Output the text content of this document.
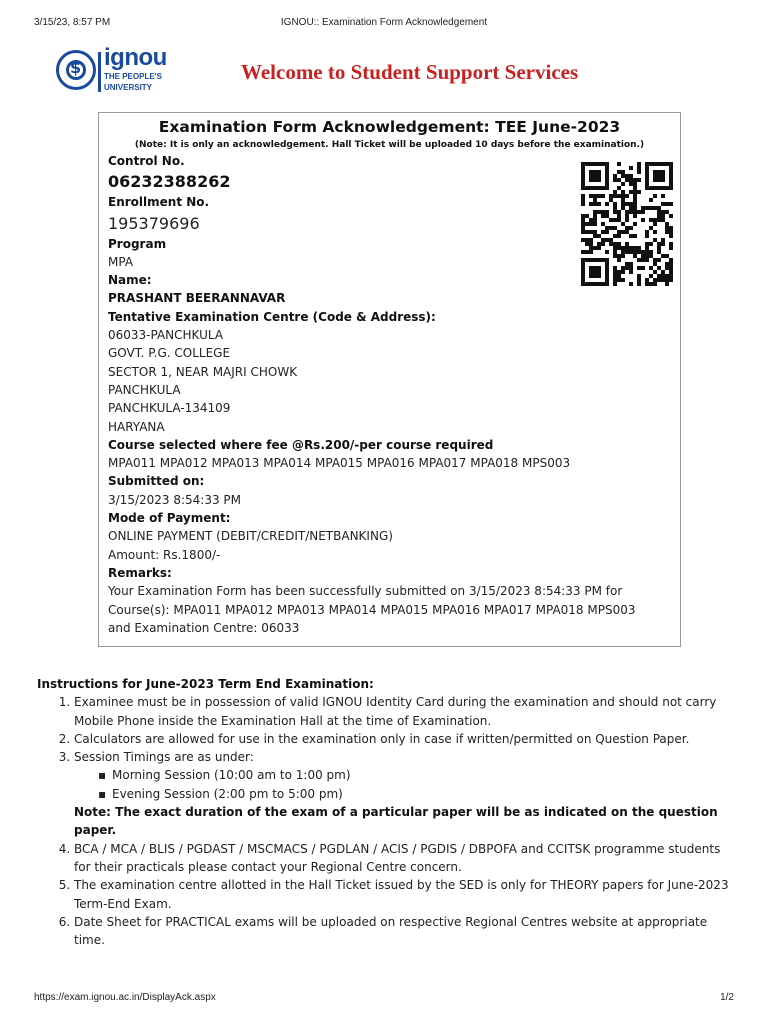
3/15/23, 8:57 PM	IGNOU:: Examination Form Acknowledgement
$ ignou
THE PEOPLE'S
UNIVERSITY
Welcome to Student Support Services
Examination Form Acknowledgement: TEE June-2023
(Note: It is only an acknowledgement. Hall Ticket will be uploaded 10 days before the examination.)
Control No.
06232388262
Enrollment No.
195379696
Program
MPA
Name:
PRASHANT BEERANNAVAR
Tentative Examination Centre (Code & Address):
06033-PANCHKULA
GOVT. P.G. COLLEGE
SECTOR 1, NEAR MAJRI CHOWK
PANCHKULA
PANCHKULA-134109
HARYANA
Course selected where fee @Rs.200/-per course required
MPA011 MPA012 MPA013 MPA014 MPA015 MPA016 MPA017 MPA018 MPS003
Submitted on:
3/15/2023 8:54:33 PM
Mode of Payment:
ONLINE PAYMENT (DEBIT/CREDIT/NETBANKING)
Amount: Rs.1800/-
Remarks:
Your Examination Form has been successfully submitted on 3/15/2023 8:54:33 PM for
Course(s): MPA011 MPA012 MPA013 MPA014 MPA015 MPA016 MPA017 MPA018 MPS003
and Examination Centre: 06033
Instructions for June-2023 Term End Examination:
1. Examinee must be in possession of valid IGNOU Identity Card during the examination and should not carry Mobile Phone inside the Examination Hall at the time of Examination.
2. Calculators are allowed for use in the examination only in case if written/permitted on Question Paper.
3. Session Timings are as under:
▪ Morning Session (10:00 am to 1:00 pm)
▪ Evening Session (2:00 pm to 5:00 pm)
Note: The exact duration of the exam of a particular paper will be as indicated on the question paper.
4. BCA / MCA / BLIS / PGDAST / MSCMACS / PGDLAN / ACIS / PGDIS / DBPOFA and CCITSK programme students for their practicals please contact your Regional Centre concern.
5. The examination centre allotted in the Hall Ticket issued by the SED is only for THEORY papers for June-2023 Term-End Exam.
6. Date Sheet for PRACTICAL exams will be uploaded on respective Regional Centres website at appropriate time.
https://exam.ignou.ac.in/DisplayAck.aspx	1/2
